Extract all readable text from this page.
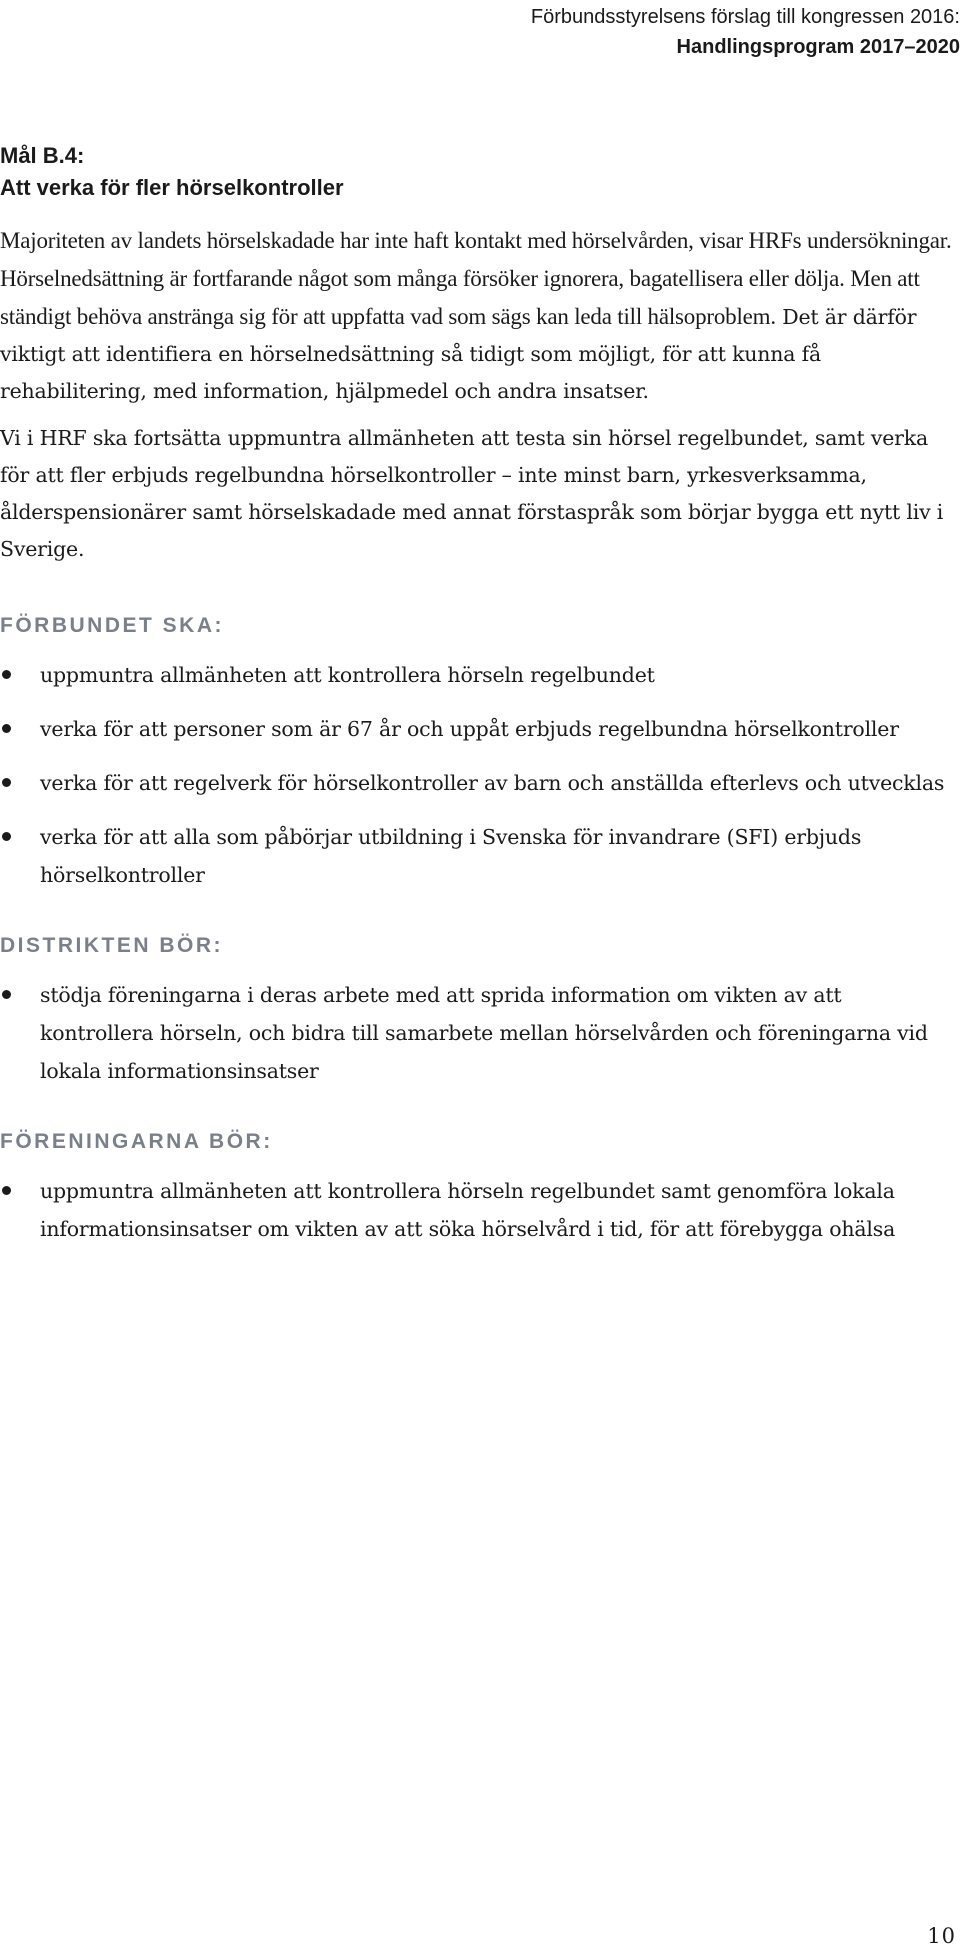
Förbundsstyrelsens förslag till kongressen 2016:
Handlingsprogram 2017–2020
Mål B.4:
Att verka för fler hörselkontroller

Majoriteten av landets hörselskadade har inte haft kontakt med hörselvården, visar HRFs undersökningar. Hörselnedsättning är fortfarande något som många försöker ignorera, bagatellisera eller dölja. Men att ständigt behöva anstränga sig för att uppfatta vad som sägs kan leda till hälsoproblem. Det är därför viktigt att identifiera en hörselnedsättning så tidigt som möjligt, för att kunna få rehabilitering, med information, hjälpmedel och andra insatser.

Vi i HRF ska fortsätta uppmuntra allmänheten att testa sin hörsel regelbundet, samt verka för att fler erbjuds regelbundna hörselkontroller – inte minst barn, yrkesverksamma, ålderspensionärer samt hörselskadade med annat förstaspråk som börjar bygga ett nytt liv i Sverige.

FÖRBUNDET SKA:
uppmuntra allmänheten att kontrollera hörseln regelbundet
verka för att personer som är 67 år och uppåt erbjuds regelbundna hörselkontroller
verka för att regelverk för hörselkontroller av barn och anställda efterlevs och utvecklas
verka för att alla som påbörjar utbildning i Svenska för invandrare (SFI) erbjuds hörselkontroller
DISTRIKTEN BÖR:
stödja föreningarna i deras arbete med att sprida information om vikten av att kontrollera hörseln, och bidra till samarbete mellan hörselvården och föreningarna vid lokala informationsinsatser
FÖRENINGARNA BÖR:
uppmuntra allmänheten att kontrollera hörseln regelbundet samt genomföra lokala informationsinsatser om vikten av att söka hörselvård i tid, för att förebygga ohälsa
10
